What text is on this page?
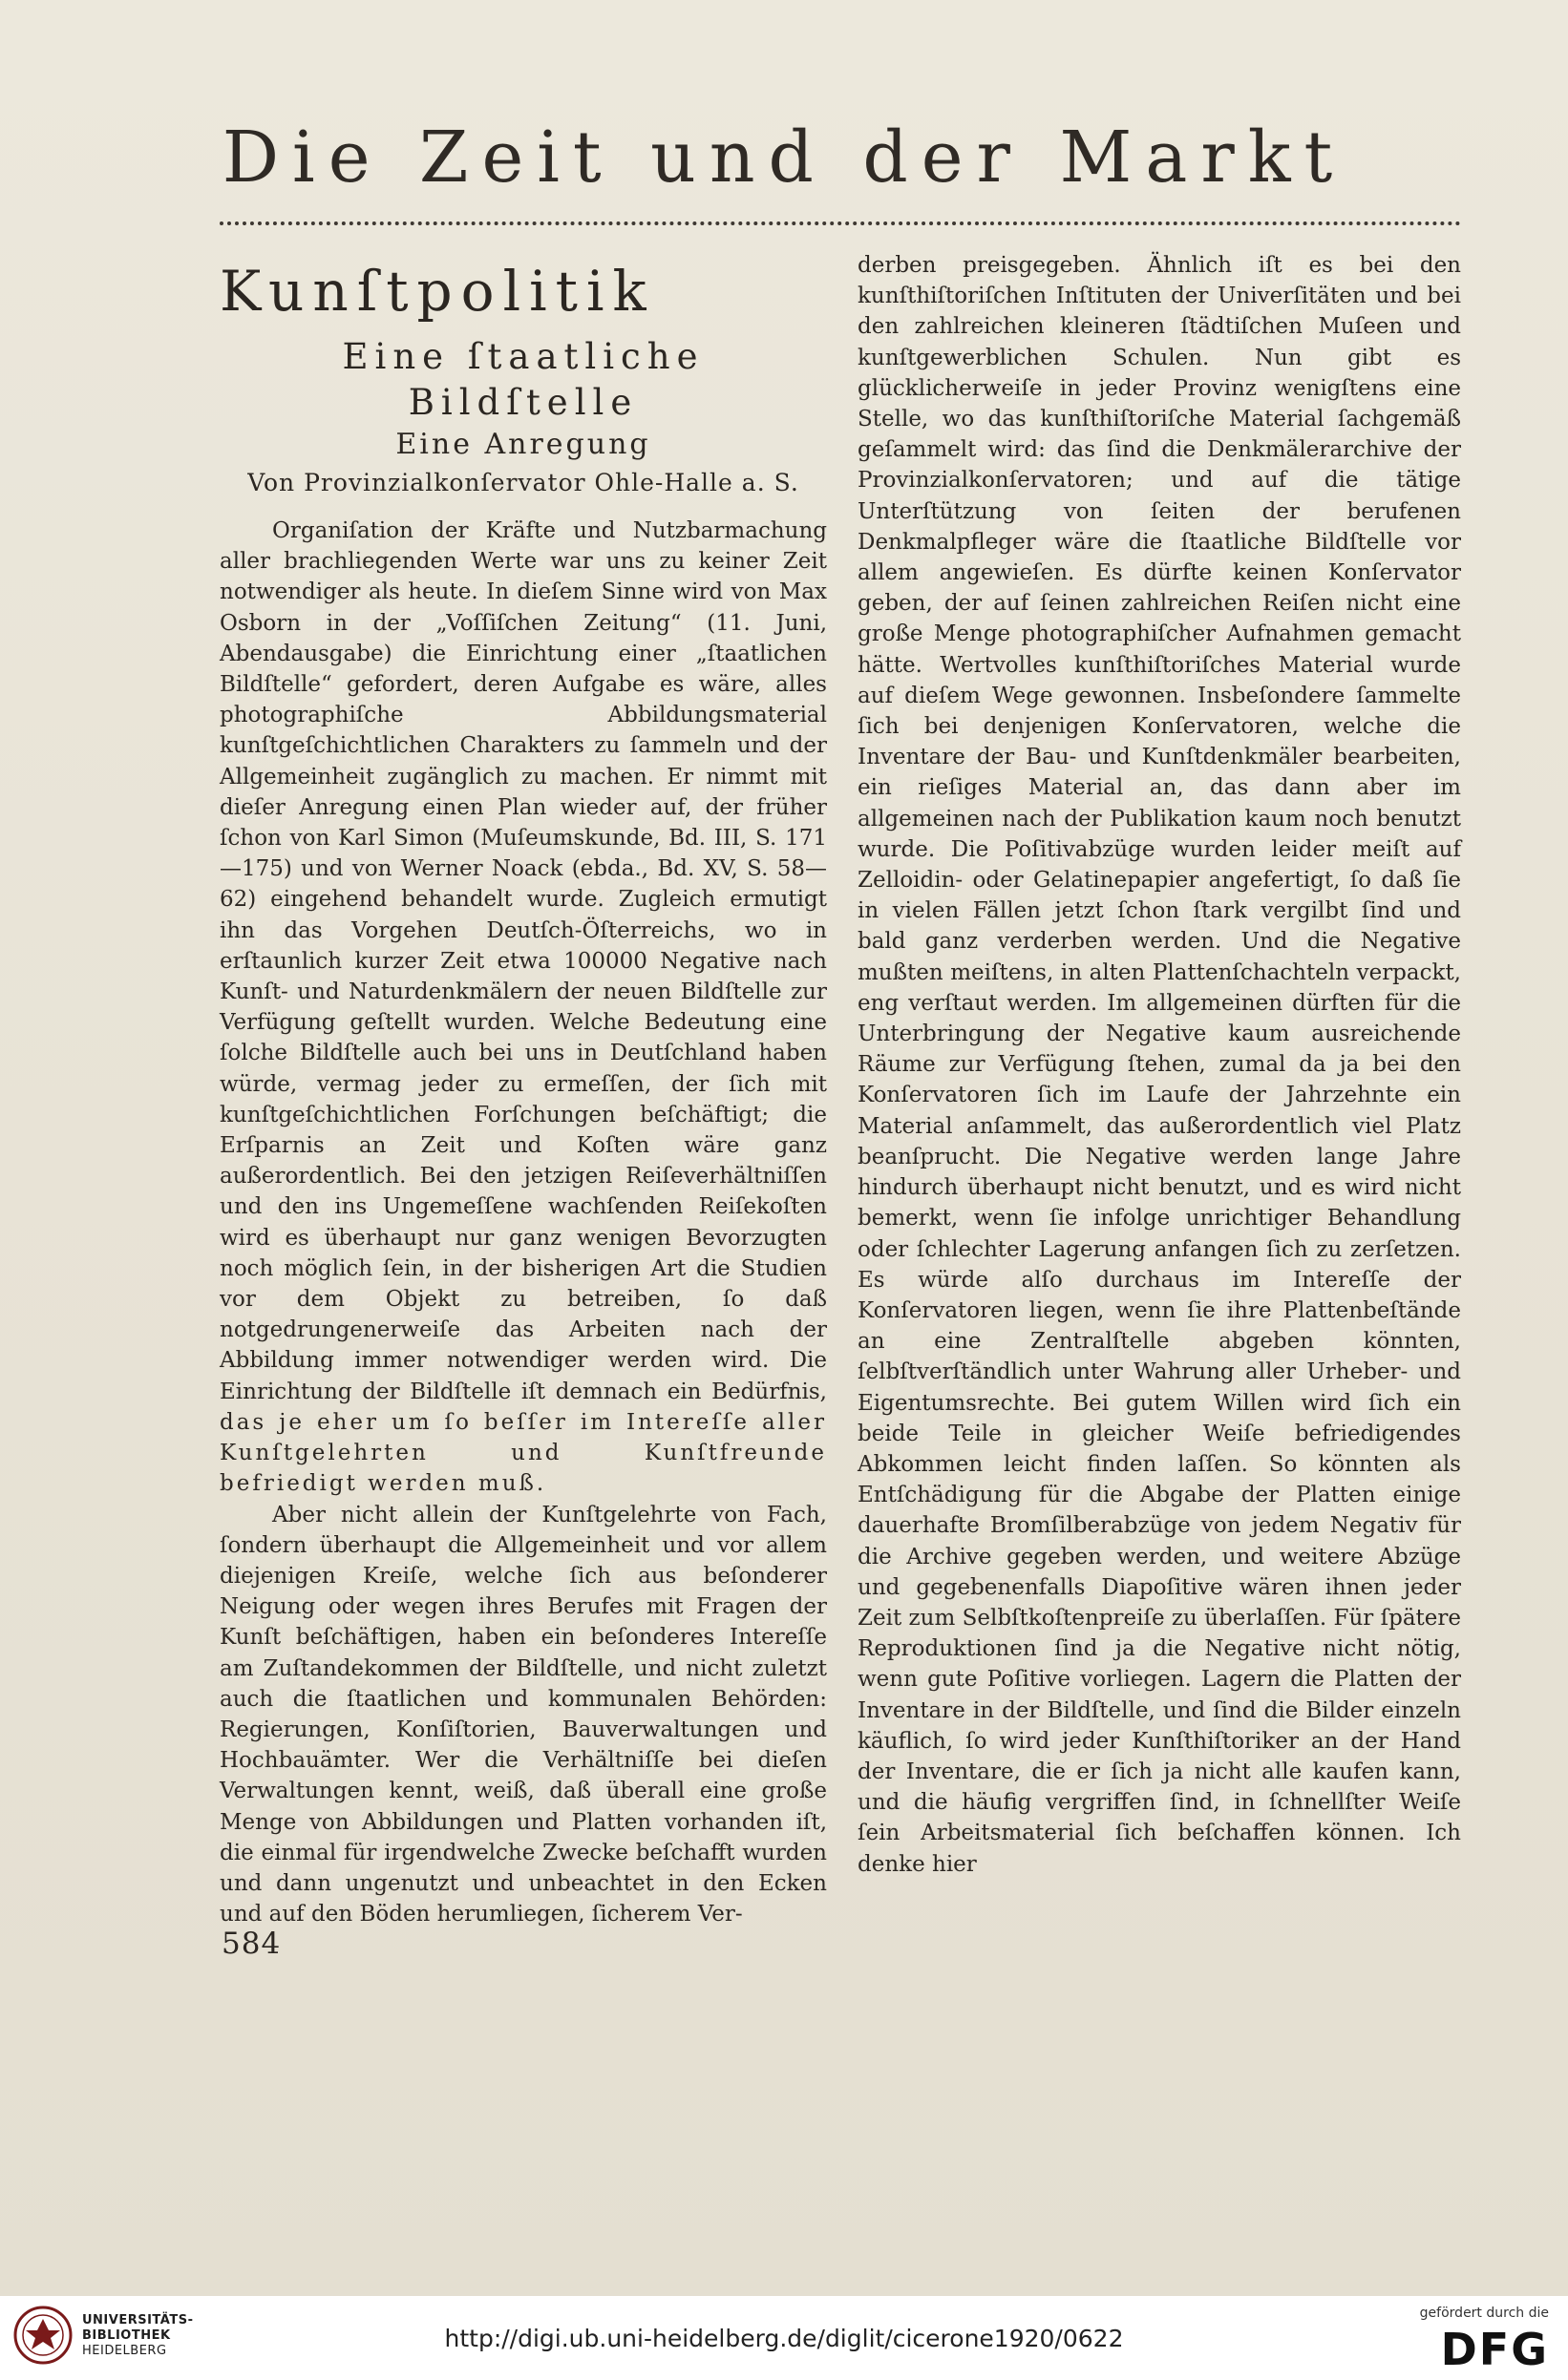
Die Zeit und der Markt
Kunſtpolitik
Eine ſtaatliche Bildſtelle
Eine Anregung
Von Provinzialkonſervator Ohle-Halle a. S.

Organiſation der Kräfte und Nutzbarmachung aller brachliegenden Werte war uns zu keiner Zeit notwendiger als heute. In dieſem Sinne wird von Max Osborn in der „Voſſiſchen Zeitung“ (11. Juni, Abendausgabe) die Einrichtung einer „ſtaatlichen Bildſtelle“ gefordert, deren Aufgabe es wäre, alles photographiſche Abbildungsmaterial kunſtgeſchichtlichen Charakters zu ſammeln und der Allgemeinheit zugänglich zu machen. Er nimmt mit dieſer Anregung einen Plan wieder auf, der früher ſchon von Karl Simon (Muſeumskunde, Bd. III, S. 171—175) und von Werner Noack (ebda., Bd. XV, S. 58—62) eingehend behandelt wurde. Zugleich ermutigt ihn das Vorgehen Deutſch-Öſterreichs, wo in erſtaunlich kurzer Zeit etwa 100000 Negative nach Kunſt- und Naturdenkmälern der neuen Bildſtelle zur Verfügung geſtellt wurden. Welche Bedeutung eine ſolche Bildſtelle auch bei uns in Deutſchland haben würde, vermag jeder zu ermeſſen, der ſich mit kunſtgeſchichtlichen Forſchungen beſchäftigt; die Erſparnis an Zeit und Koſten wäre ganz außerordentlich. Bei den jetzigen Reiſeverhältniſſen und den ins Ungemeſſene wachſenden Reiſekoſten wird es überhaupt nur ganz wenigen Bevorzugten noch möglich ſein, in der bisherigen Art die Studien vor dem Objekt zu betreiben, ſo daß notgedrungenerweiſe das Arbeiten nach der Abbildung immer notwendiger werden wird. Die Einrichtung der Bildſtelle iſt demnach ein Bedürfnis, das je eher um ſo beſſer im Intereſſe aller Kunſtgelehrten und Kunſtfreunde befriedigt werden muß.

Aber nicht allein der Kunſtgelehrte von Fach, ſondern überhaupt die Allgemeinheit und vor allem diejenigen Kreiſe, welche ſich aus beſonderer Neigung oder wegen ihres Berufes mit Fragen der Kunſt beſchäftigen, haben ein beſonderes Intereſſe am Zuſtandekommen der Bildſtelle, und nicht zuletzt auch die ſtaatlichen und kommunalen Behörden: Regierungen, Konſiſtorien, Bauverwaltungen und Hochbauämter. Wer die Verhältniſſe bei dieſen Verwaltungen kennt, weiß, daß überall eine große Menge von Abbildungen und Platten vorhanden iſt, die einmal für irgendwelche Zwecke beſchafft wurden und dann ungenutzt und unbeachtet in den Ecken und auf den Böden herumliegen, ſicherem Ver-

derben preisgegeben. Ähnlich iſt es bei den kunſthiſtoriſchen Inſtituten der Univerſitäten und bei den zahlreichen kleineren ſtädtiſchen Muſeen und kunſtgewerblichen Schulen. Nun gibt es glücklicherweiſe in jeder Provinz wenigſtens eine Stelle, wo das kunſthiſtoriſche Material ſachgemäß geſammelt wird: das ſind die Denkmälerarchive der Provinzialkonſervatoren; und auf die tätige Unterſtützung von ſeiten der berufenen Denkmalpfleger wäre die ſtaatliche Bildſtelle vor allem angewieſen. Es dürfte keinen Konſervator geben, der auf ſeinen zahlreichen Reiſen nicht eine große Menge photographiſcher Aufnahmen gemacht hätte. Wertvolles kunſthiſtoriſches Material wurde auf dieſem Wege gewonnen. Insbeſondere ſammelte ſich bei denjenigen Konſervatoren, welche die Inventare der Bau- und Kunſtdenkmäler bearbeiten, ein rieſiges Material an, das dann aber im allgemeinen nach der Publikation kaum noch benutzt wurde. Die Poſitivabzüge wurden leider meiſt auf Zelloidin- oder Gelatinepapier angefertigt, ſo daß ſie in vielen Fällen jetzt ſchon ſtark vergilbt ſind und bald ganz verderben werden. Und die Negative mußten meiſtens, in alten Plattenſchachteln verpackt, eng verſtaut werden. Im allgemeinen dürften für die Unterbringung der Negative kaum ausreichende Räume zur Verfügung ſtehen, zumal da ja bei den Konſervatoren ſich im Laufe der Jahrzehnte ein Material anſammelt, das außerordentlich viel Platz beanſprucht. Die Negative werden lange Jahre hindurch überhaupt nicht benutzt, und es wird nicht bemerkt, wenn ſie infolge unrichtiger Behandlung oder ſchlechter Lagerung anfangen ſich zu zerſetzen. Es würde alſo durchaus im Intereſſe der Konſervatoren liegen, wenn ſie ihre Plattenbeſtände an eine Zentralſtelle abgeben könnten, ſelbſtverſtändlich unter Wahrung aller Urheber- und Eigentumsrechte. Bei gutem Willen wird ſich ein beide Teile in gleicher Weiſe befriedigendes Abkommen leicht finden laſſen. So könnten als Entſchädigung für die Abgabe der Platten einige dauerhafte Bromſilberabzüge von jedem Negativ für die Archive gegeben werden, und weitere Abzüge und gegebenenfalls Diapoſitive wären ihnen jeder Zeit zum Selbſtkoſtenpreiſe zu überlaſſen. Für ſpätere Reproduktionen ſind ja die Negative nicht nötig, wenn gute Poſitive vorliegen. Lagern die Platten der Inventare in der Bildſtelle, und ſind die Bilder einzeln käuflich, ſo wird jeder Kunſthiſtoriker an der Hand der Inventare, die er ſich ja nicht alle kaufen kann, und die häufig vergriffen ſind, in ſchnellſter Weiſe ſein Arbeitsmaterial ſich beſchaffen können. Ich denke hier

584
UNIVERSITÄTS-
BIBLIOTHEK
HEIDELBERG	http://digi.ub.uni-heidelberg.de/diglit/cicerone1920/0622
gefördert durch die
DFG
